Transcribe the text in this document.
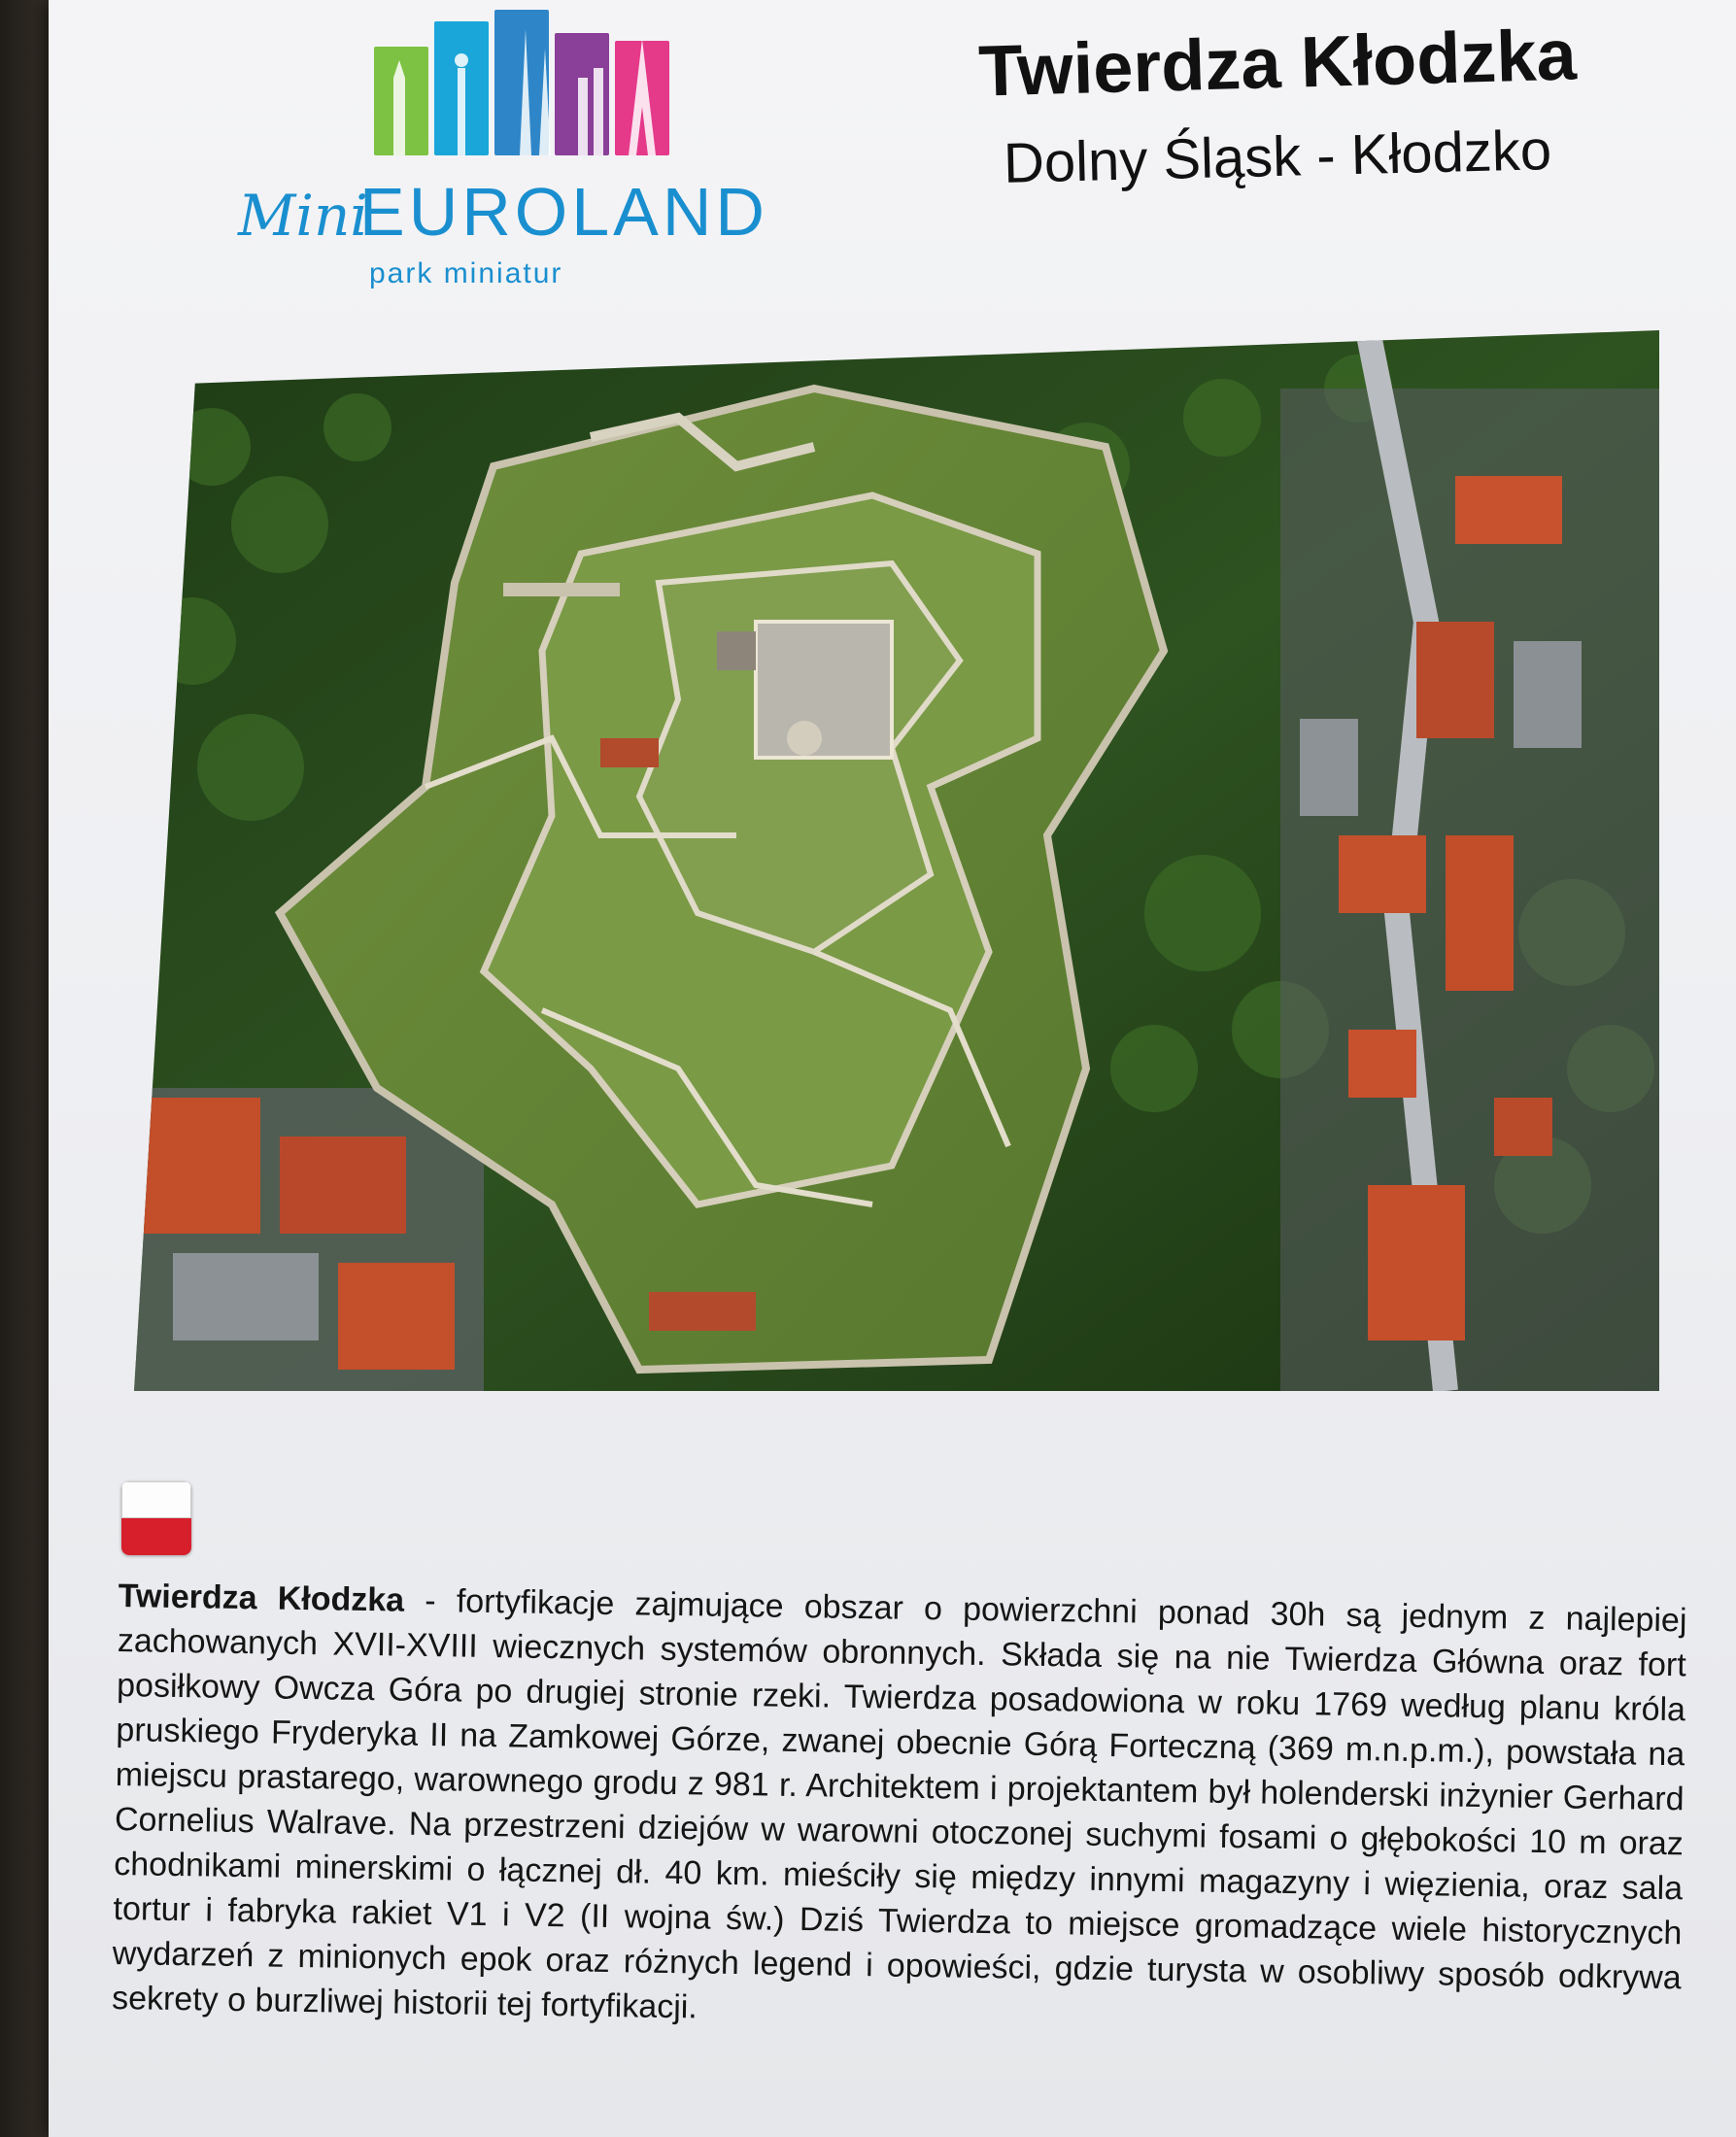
Mini
EUROLAND
park miniatur
Twierdza Kłodzka
Dolny Śląsk - Kłodzko
Twierdza Kłodzka - fortyfikacje zajmujące obszar o powierzchni ponad 30h są jednym z najlepiej zachowanych XVII-XVIII wiecznych systemów obronnych. Składa się na nie Twierdza Główna oraz fort posiłkowy Owcza Góra po drugiej stronie rzeki. Twierdza posadowiona w roku 1769 według planu króla pruskiego Fryderyka II na Zamkowej Górze, zwanej obecnie Górą Forteczną (369 m.n.p.m.), powstała na miejscu prastarego, warownego grodu z 981 r. Architektem i projektantem był holenderski inżynier Gerhard Cornelius Walrave. Na przestrzeni dziejów w warowni otoczonej suchymi fosami o głębokości 10 m oraz chodnikami minerskimi o łącznej dł. 40 km. mieściły się między innymi magazyny i więzienia, oraz sala tortur i fabryka rakiet V1 i V2 (II wojna św.) Dziś Twierdza to miejsce gromadzące wiele historycznych wydarzeń z minionych epok oraz różnych legend i opowieści, gdzie turysta w osobliwy sposób odkrywa sekrety o burzliwej historii tej fortyfikacji.
